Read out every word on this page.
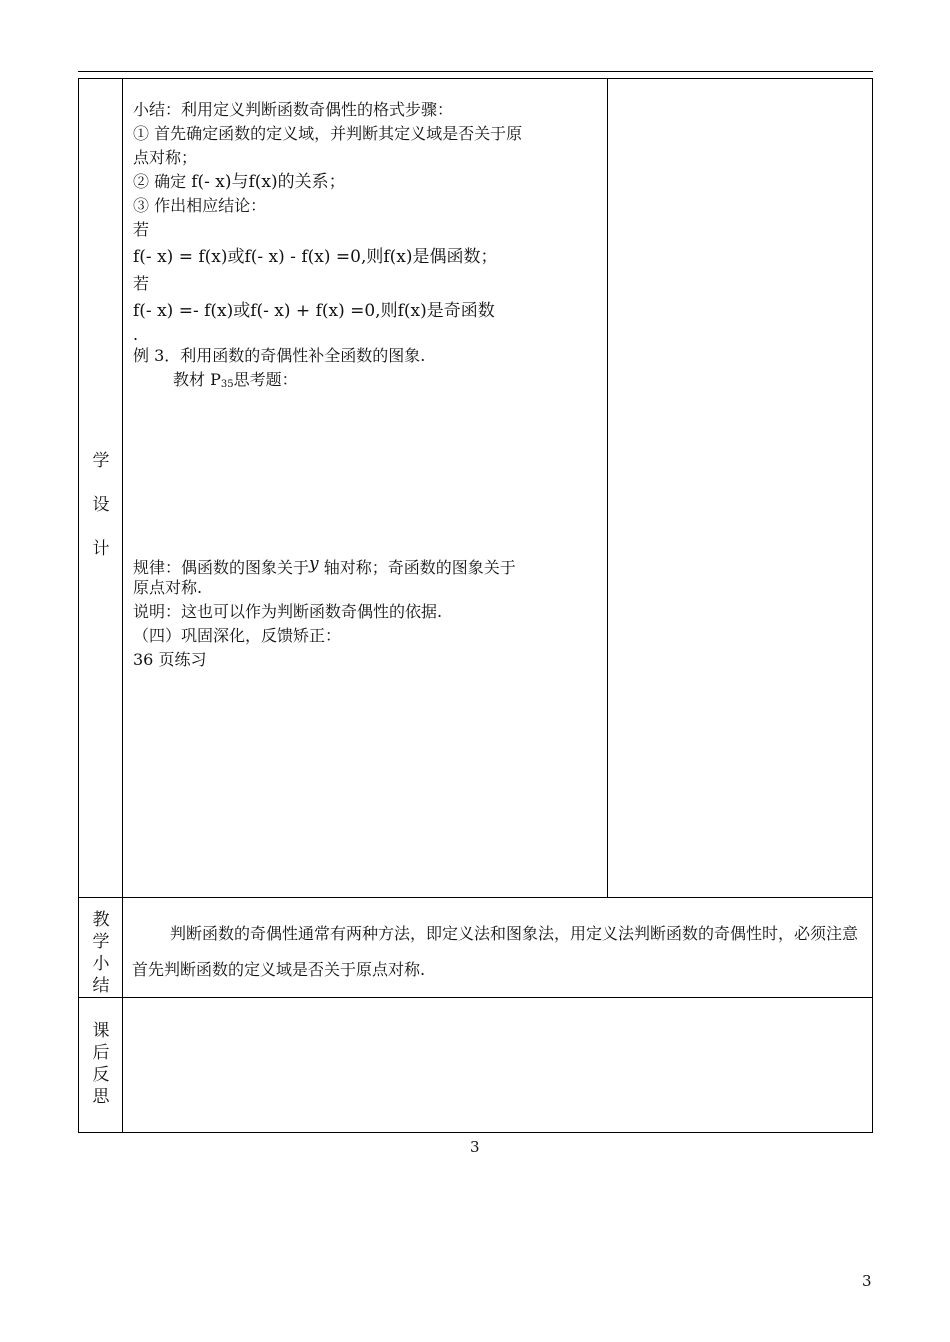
学
设
计
教
学
小
结
课
后
反
思
小结：利用定义判断函数奇偶性的格式步骤：
① 首先确定函数的定义域，并判断其定义域是否关于原
点对称；
② 确定 f(- x)与f(x)的关系；
③ 作出相应结论：
若
f(- x) = f(x)或f(- x) - f(x) =0,则f(x)是偶函数；
若
f(- x) =- f(x)或f(- x) + f(x) =0,则f(x)是奇函数
.
例 3．利用函数的奇偶性补全函数的图象.
教材 $P_{35}$思考题：
规律：偶函数的图象关于y 轴对称；奇函数的图象关于
原点对称.
说明：这也可以作为判断函数奇偶性的依据.
（四）巩固深化，反馈矫正：
36 页练习

判断函数的奇偶性通常有两种方法，即定义法和图象法，用定义法判断函数的奇偶性时，必须注意首先判断函数的定义域是否关于原点对称.

3
3
